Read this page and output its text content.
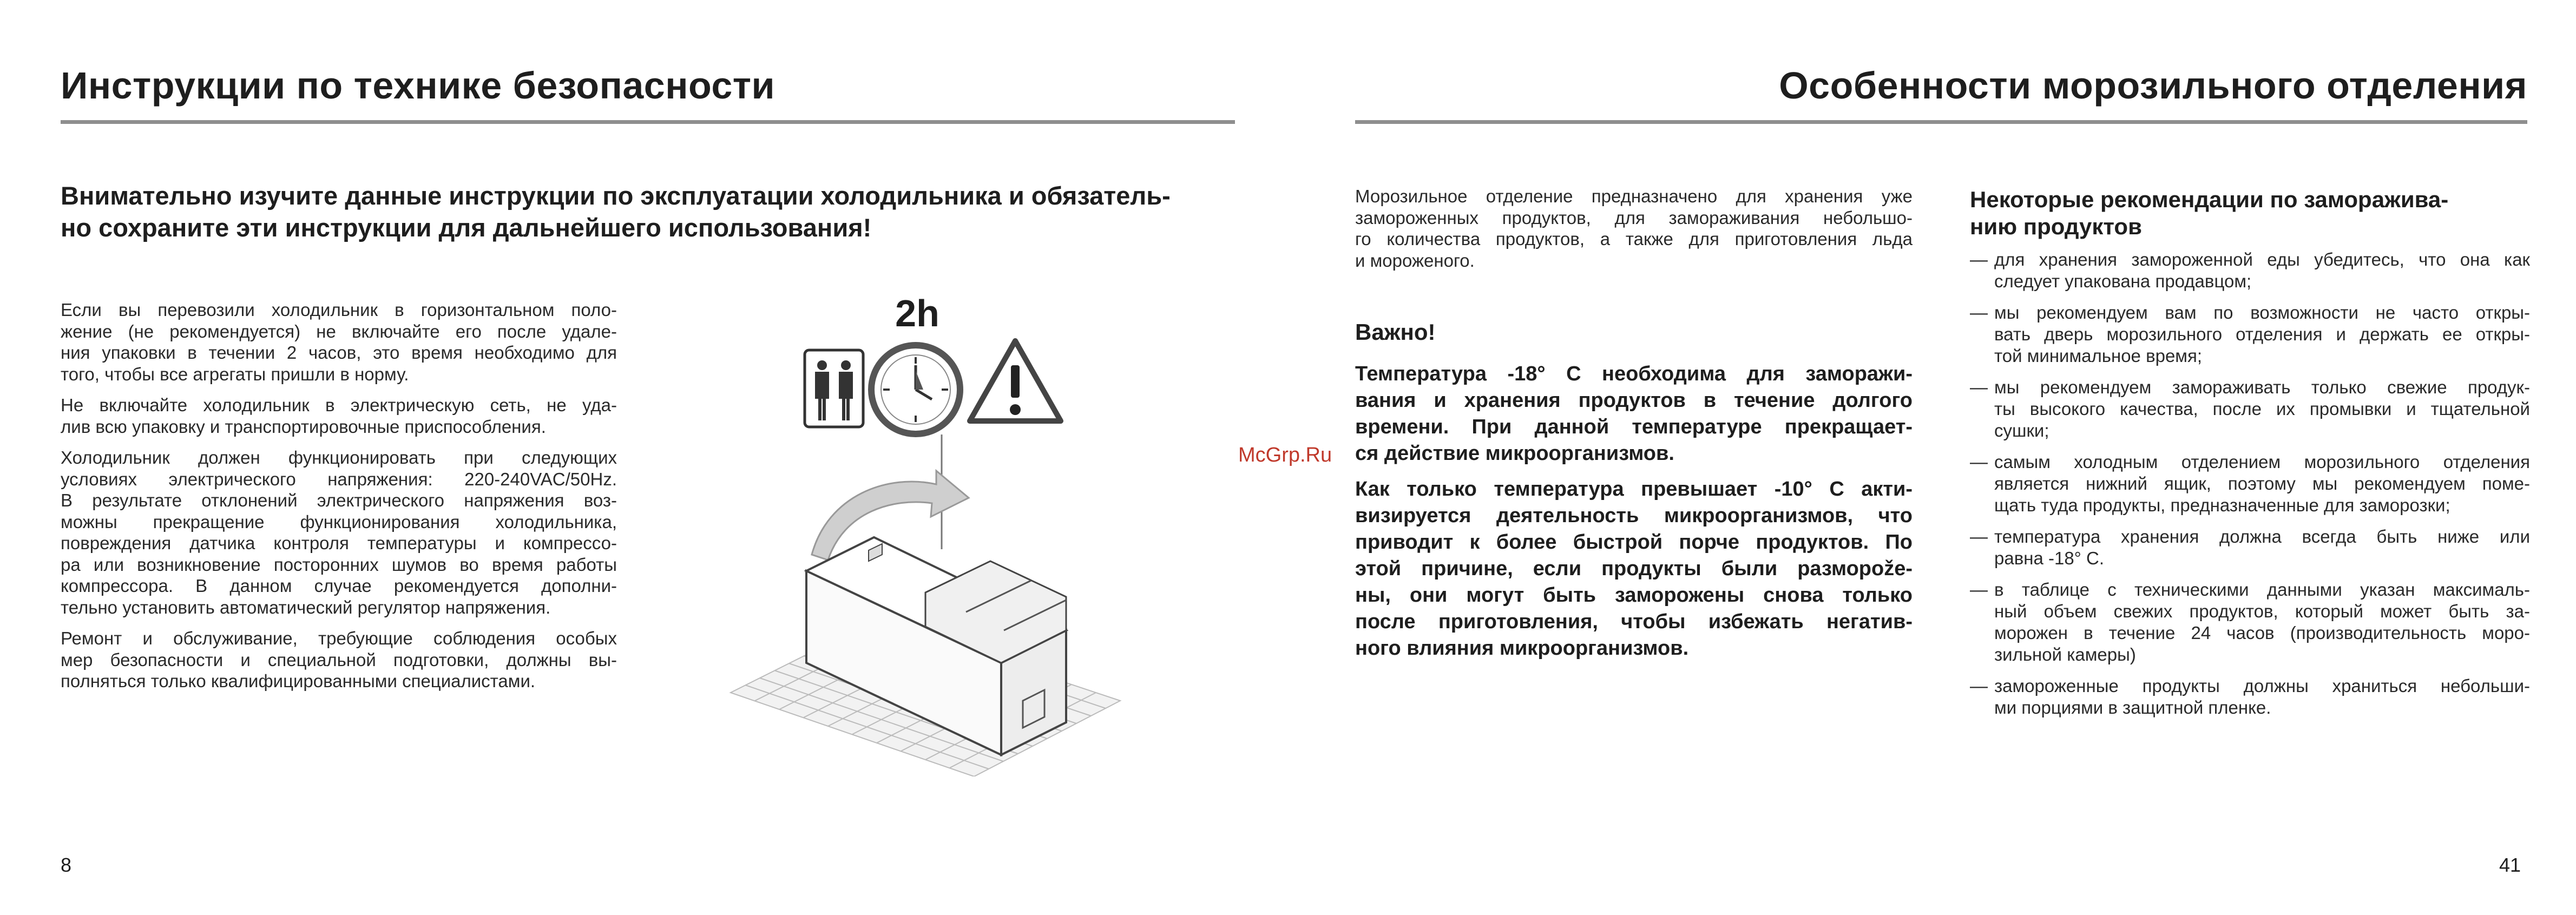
Инструкции по технике безопасности
Внимательно изучите данные инструкции по эксплуатации холодильника и обязатель-
но сохраните эти инструкции для дальнейшего использования!
Если вы перевозили холодильник в горизонтальном поло-
жение (не рекомендуется) не включайте его после удале-
ния упаковки в течении 2 часов, это время необходимо для
того, чтобы все агрегаты пришли в норму.
Не включайте холодильник в электрическую сеть, не уда-
лив всю упаковку и транспортировочные приспособления.
Холодильник должен функционировать при следующих
условиях электрического напряжения: 220-240VAC/50Hz.
В результате отклонений электрического напряжения воз-
можны прекращение функционирования холодильника,
повреждения датчика контроля температуры и компрессо-
ра или возникновение посторонних шумов во время работы
компрессора. В данном случае рекомендуется дополни-
тельно установить автоматический регулятор напряжения.
Ремонт и обслуживание, требующие соблюдения особых
мер безопасности и специальной подготовки, должны вы-
полняться только квалифицированными специалистами.
2h
8
McGrp.Ru
Особенности морозильного отделения
Морозильное отделение предназначено для хранения уже
замороженных продуктов, для замораживания небольшо-
го количества продуктов, а также для приготовления льда
и мороженого.
Важно!
Температура -18° С необходима для заморажи-
вания и хранения продуктов в течение долгого
времени. При данной температуре прекращает-
ся действие микроорганизмов.
Как только температура превышает -10° С акти-
визируется деятельность микроорганизмов, что
приводит к более быстрой порче продуктов. По
этой причине, если продукты были разморože-
ны, они могут быть заморожены снова только
после приготовления, чтобы избежать негатив-
ного влияния микроорганизмов.
Некоторые рекомендации по заморажива-
нию продуктов
— для хранения замороженной еды убедитесь, что она как
следует упакована продавцом;
— мы рекомендуем вам по возможности не часто откры-
вать дверь морозильного отделения и держать ее откры-
той минимальное время;
— мы рекомендуем замораживать только свежие продук-
ты высокого качества, после их промывки и тщательной
сушки;
— самым холодным отделением морозильного отделения
является нижний ящик, поэтому мы рекомендуем поме-
щать туда продукты, предназначенные для заморозки;
— температура хранения должна всегда быть ниже или
равна -18° С.
— в таблице с техническими данными указан максималь-
ный объем свежих продуктов, который может быть за-
морожен в течение 24 часов (производительность моро-
зильной камеры)
— замороженные продукты должны храниться небольши-
ми порциями в защитной пленке.
41
